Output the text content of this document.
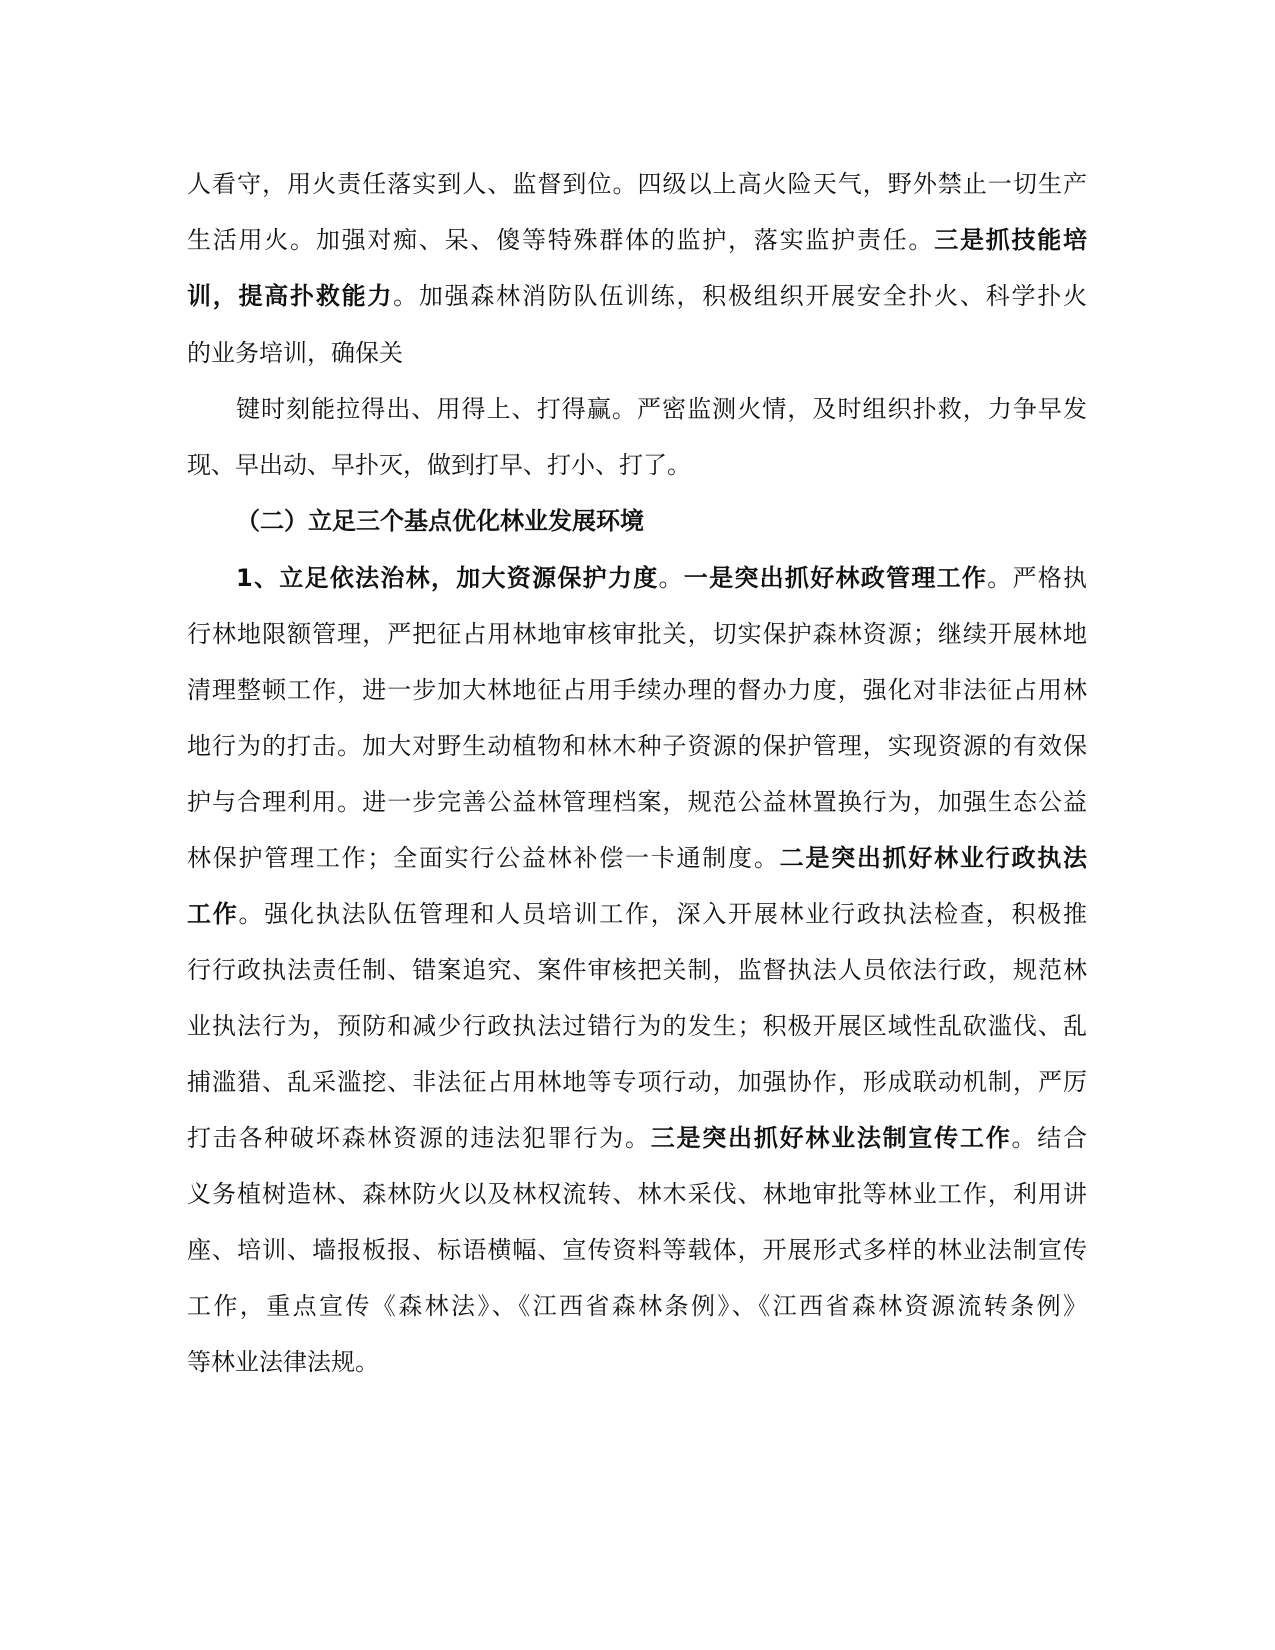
人看守，用火责任落实到人、监督到位。四级以上高火险天气，野外禁止一切生产
生活用火。加强对痴、呆、傻等特殊群体的监护，落实监护责任。三是抓技能培
训，提高扑救能力。加强森林消防队伍训练，积极组织开展安全扑火、科学扑火
的业务培训，确保关
键时刻能拉得出、用得上、打得赢。严密监测火情，及时组织扑救，力争早发
现、早出动、早扑灭，做到打早、打小、打了。
（二）立足三个基点优化林业发展环境
1、立足依法治林，加大资源保护力度。一是突出抓好林政管理工作。严格执
行林地限额管理，严把征占用林地审核审批关，切实保护森林资源；继续开展林地
清理整顿工作，进一步加大林地征占用手续办理的督办力度，强化对非法征占用林
地行为的打击。加大对野生动植物和林木种子资源的保护管理，实现资源的有效保
护与合理利用。进一步完善公益林管理档案，规范公益林置换行为，加强生态公益
林保护管理工作；全面实行公益林补偿一卡通制度。二是突出抓好林业行政执法
工作。强化执法队伍管理和人员培训工作，深入开展林业行政执法检查，积极推
行行政执法责任制、错案追究、案件审核把关制，监督执法人员依法行政，规范林
业执法行为，预防和减少行政执法过错行为的发生；积极开展区域性乱砍滥伐、乱
捕滥猎、乱采滥挖、非法征占用林地等专项行动，加强协作，形成联动机制，严厉
打击各种破坏森林资源的违法犯罪行为。三是突出抓好林业法制宣传工作。结合
义务植树造林、森林防火以及林权流转、林木采伐、林地审批等林业工作，利用讲
座、培训、墙报板报、标语横幅、宣传资料等载体，开展形式多样的林业法制宣传
工作，重点宣传《森林法》、《江西省森林条例》、《江西省森林资源流转条例》
等林业法律法规。
